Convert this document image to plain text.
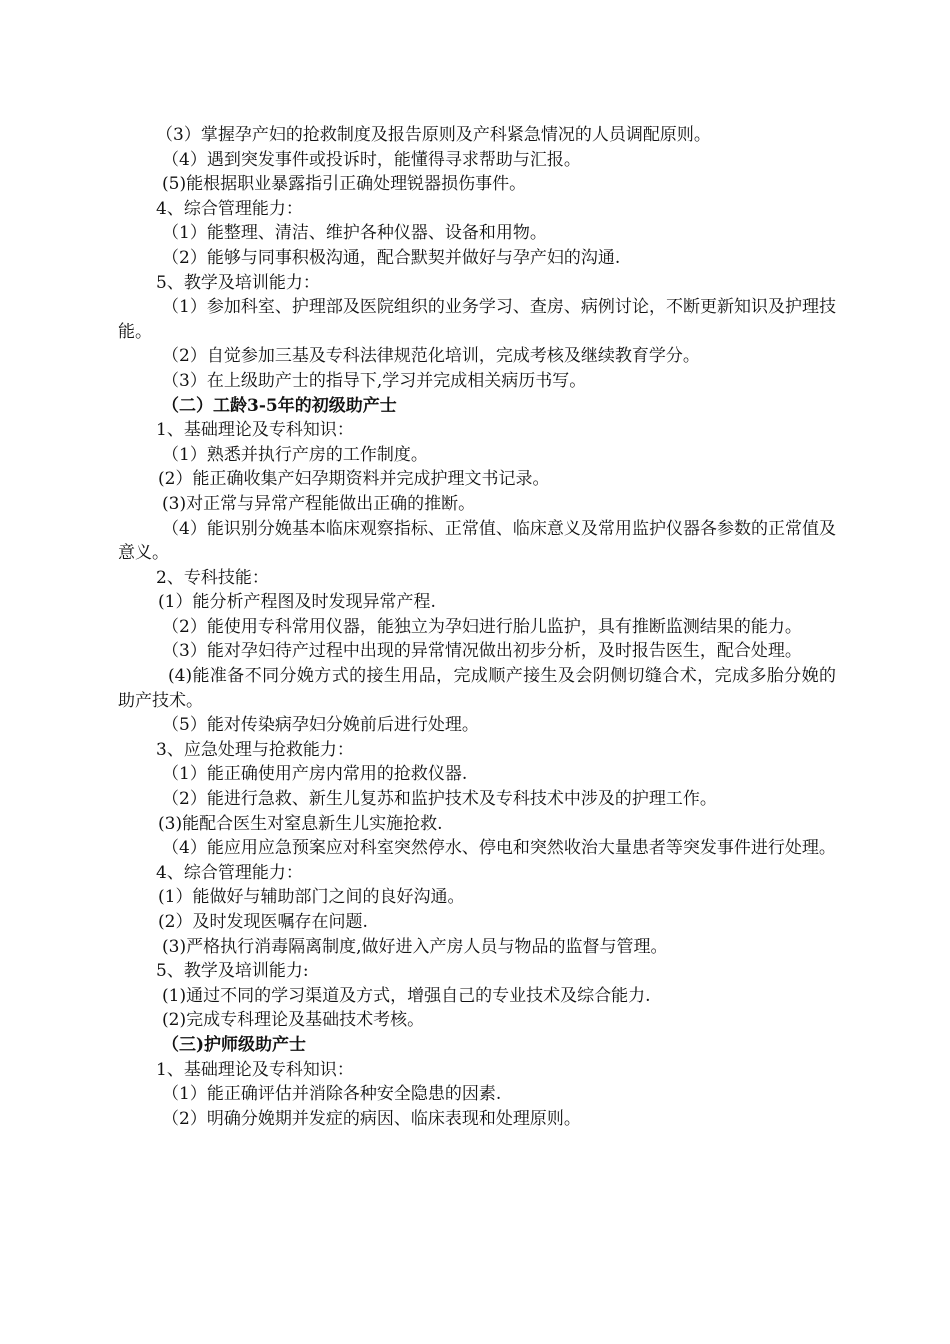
（3）掌握孕产妇的抢救制度及报告原则及产科紧急情况的人员调配原则。
（4）遇到突发事件或投诉时，能懂得寻求帮助与汇报。
(5)能根据职业暴露指引正确处理锐器损伤事件。
4、综合管理能力：
（1）能整理、清洁、维护各种仪器、设备和用物。
（2）能够与同事积极沟通，配合默契并做好与孕产妇的沟通.
5、教学及培训能力：
（1）参加科室、护理部及医院组织的业务学习、查房、病例讨论，不断更新知识及护理技能。
（2）自觉参加三基及专科法律规范化培训，完成考核及继续教育学分。
（3）在上级助产士的指导下,学习并完成相关病历书写。
（二）工龄3-5年的初级助产士
1、基础理论及专科知识：
（1）熟悉并执行产房的工作制度。
(2）能正确收集产妇孕期资料并完成护理文书记录。
(3)对正常与异常产程能做出正确的推断。
（4）能识别分娩基本临床观察指标、正常值、临床意义及常用监护仪器各参数的正常值及意义。
2、专科技能：
(1）能分析产程图及时发现异常产程.
（2）能使用专科常用仪器，能独立为孕妇进行胎儿监护，具有推断监测结果的能力。
（3）能对孕妇待产过程中出现的异常情况做出初步分析，及时报告医生，配合处理。
(4)能准备不同分娩方式的接生用品，完成顺产接生及会阴侧切缝合术，完成多胎分娩的助产技术。
（5）能对传染病孕妇分娩前后进行处理。
3、应急处理与抢救能力：
（1）能正确使用产房内常用的抢救仪器.
（2）能进行急救、新生儿复苏和监护技术及专科技术中涉及的护理工作。
(3)能配合医生对窒息新生儿实施抢救.
（4）能应用应急预案应对科室突然停水、停电和突然收治大量患者等突发事件进行处理。
4、综合管理能力：
(1）能做好与辅助部门之间的良好沟通。
(2）及时发现医嘱存在问题.
(3)严格执行消毒隔离制度,做好进入产房人员与物品的监督与管理。
5、教学及培训能力:
(1)通过不同的学习渠道及方式，增强自己的专业技术及综合能力.
(2)完成专科理论及基础技术考核。
（三)护师级助产士
1、基础理论及专科知识：
（1）能正确评估并消除各种安全隐患的因素.
（2）明确分娩期并发症的病因、临床表现和处理原则。
